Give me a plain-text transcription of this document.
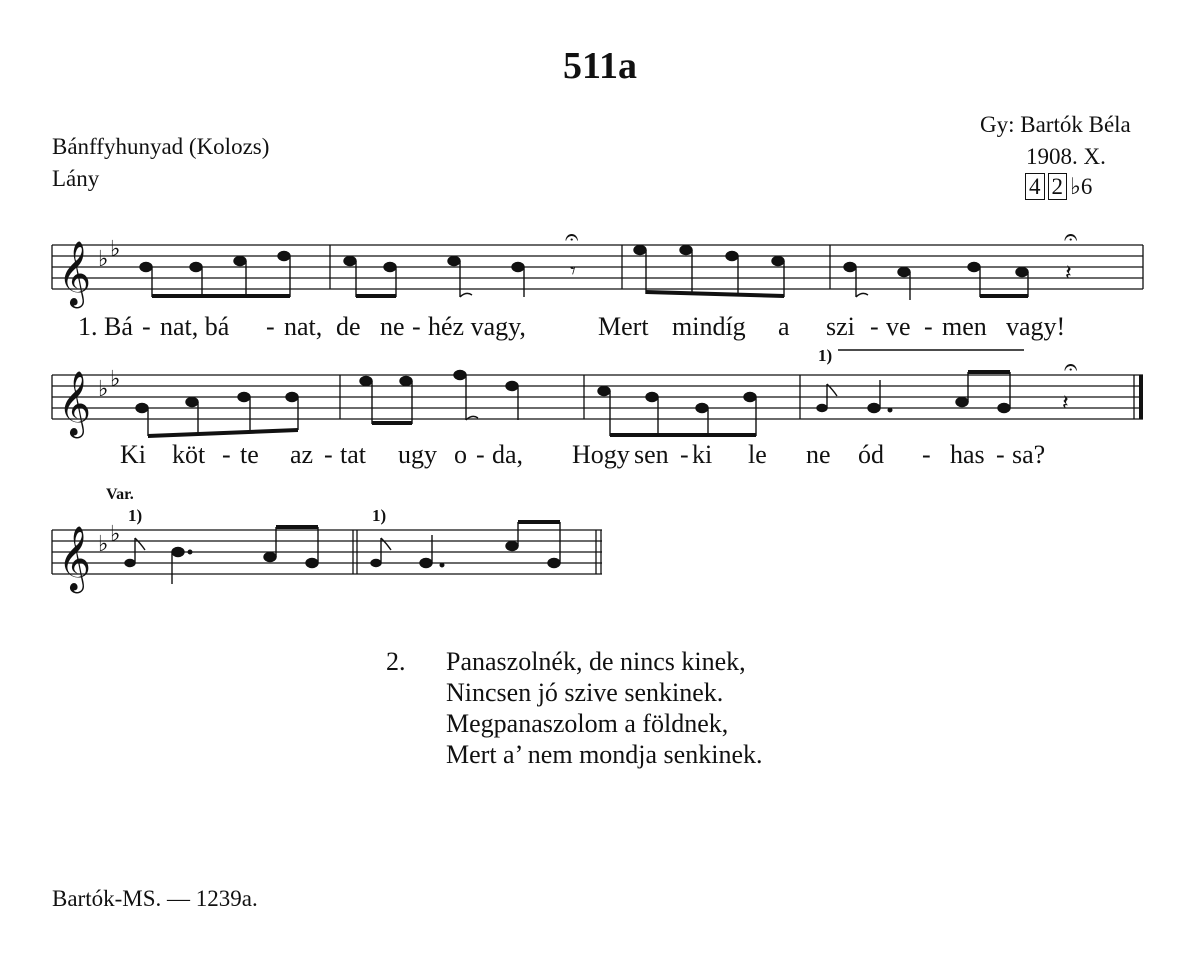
511a
Bánffyhunyad (Kolozs)
Lány
Gy: Bartók Béla
1908. X.
4 2 ♭6
𝄞 ♭ ♭
𝄞 ♭ ♭
𝄞 ♭ ♭
𝄾	𝄽
𝄐	𝄐
𝄽
𝄐
1)
Var.
1)	1)
1. Bá - nat, bá - nat, de ne - héz vagy,	Mert mindíg a szi - ve - men vagy!
Ki köt - te az - tat ugy o - da, Hogy sen - ki le ne ód - has - sa?
2. Panaszolnék, de nincs kinek,
Nincsen jó szive senkinek.
Megpanaszolom a földnek,
Mert a’ nem mondja senkinek.
Bartók-MS. — 1239a.
